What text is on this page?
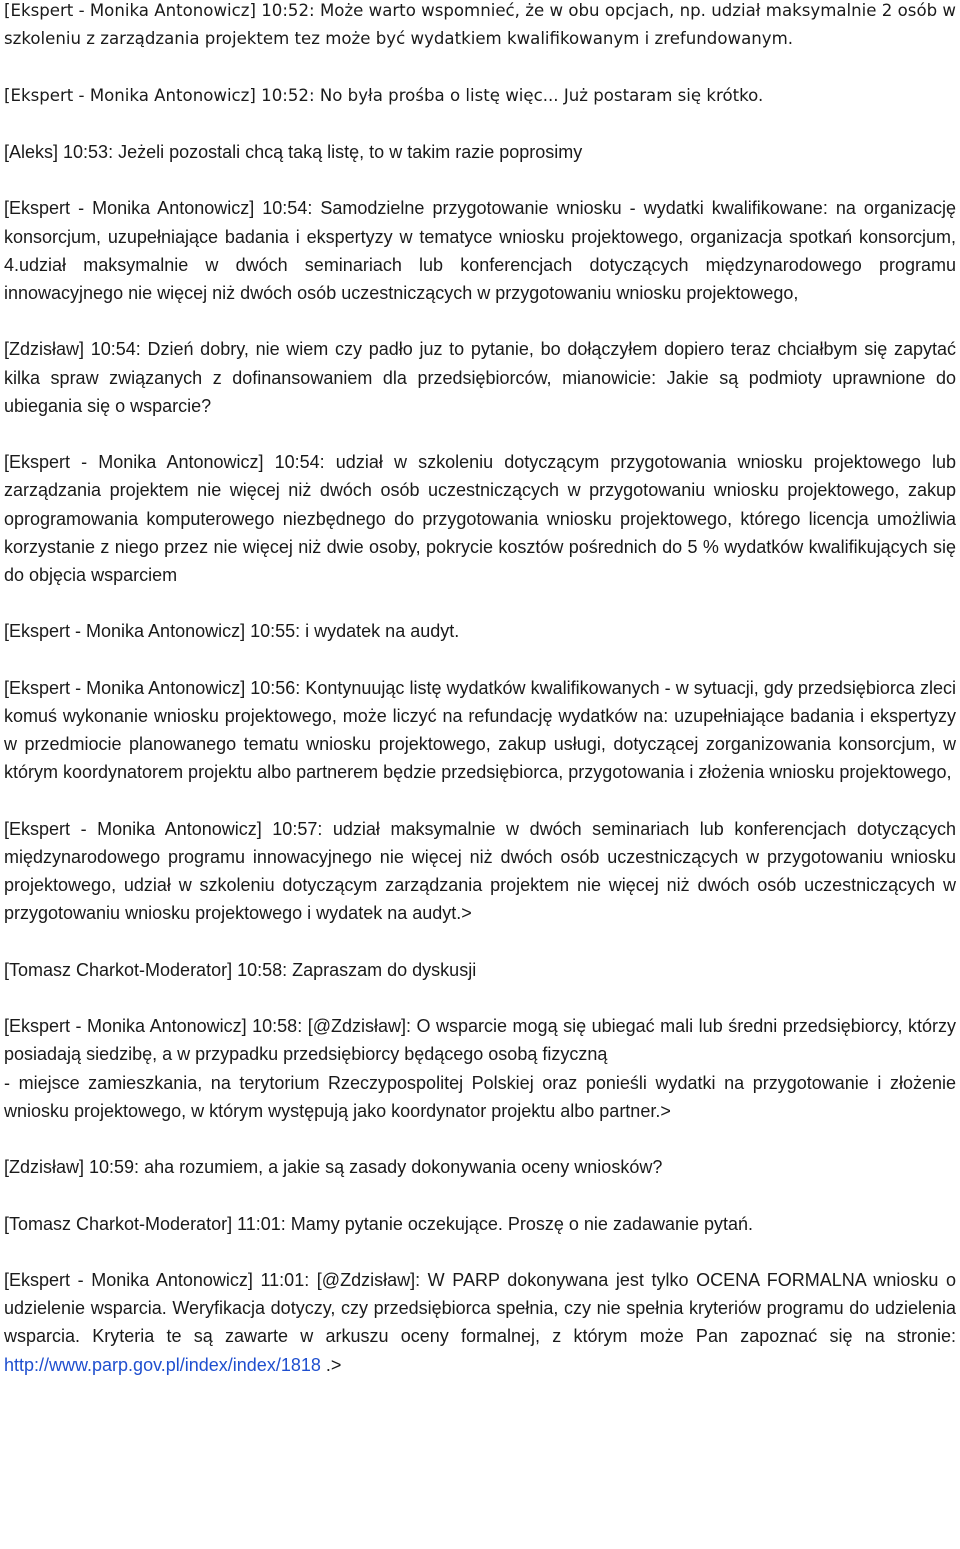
[Ekspert - Monika Antonowicz] 10:52: Może warto wspomnieć, że w obu opcjach, np. udział maksymalnie 2 osób w szkoleniu z zarządzania projektem tez może być wydatkiem kwalifikowanym i zrefundowanym.

[Ekspert - Monika Antonowicz] 10:52: No była prośba o listę więc... Już postaram się krótko.

[Aleks] 10:53: Jeżeli pozostali chcą taką listę, to w takim razie poprosimy

[Ekspert - Monika Antonowicz] 10:54: Samodzielne przygotowanie wniosku - wydatki kwalifikowane: na organizację konsorcjum, uzupełniające badania i ekspertyzy w tematyce wniosku projektowego, organizacja spotkań konsorcjum, 4.udział maksymalnie w dwóch seminariach lub konferencjach dotyczących międzynarodowego programu innowacyjnego nie więcej niż dwóch osób uczestniczących w przygotowaniu wniosku projektowego,

[Zdzisław] 10:54: Dzień dobry, nie wiem czy padło juz to pytanie, bo dołączyłem dopiero teraz chciałbym się zapytać kilka spraw związanych z dofinansowaniem dla przedsiębiorców, mianowicie: Jakie są podmioty uprawnione do ubiegania się o wsparcie?

[Ekspert - Monika Antonowicz] 10:54: udział w szkoleniu dotyczącym przygotowania wniosku projektowego lub zarządzania projektem nie więcej niż dwóch osób uczestniczących w przygotowaniu wniosku projektowego, zakup oprogramowania komputerowego niezbędnego do przygotowania wniosku projektowego, którego licencja umożliwia korzystanie z niego przez nie więcej niż dwie osoby, pokrycie kosztów pośrednich do 5 % wydatków kwalifikujących się do objęcia wsparciem

[Ekspert - Monika Antonowicz] 10:55: i wydatek na audyt.

[Ekspert - Monika Antonowicz] 10:56: Kontynuując listę wydatków kwalifikowanych - w sytuacji, gdy przedsiębiorca zleci komuś wykonanie wniosku projektowego, może liczyć na refundację wydatków na: uzupełniające badania i ekspertyzy w przedmiocie planowanego tematu wniosku projektowego, zakup usługi, dotyczącej zorganizowania konsorcjum, w którym koordynatorem projektu albo partnerem będzie przedsiębiorca, przygotowania i złożenia wniosku projektowego,

[Ekspert - Monika Antonowicz] 10:57: udział maksymalnie w dwóch seminariach lub konferencjach dotyczących międzynarodowego programu innowacyjnego nie więcej niż dwóch osób uczestniczących w przygotowaniu wniosku projektowego, udział w szkoleniu dotyczącym zarządzania projektem nie więcej niż dwóch osób uczestniczących w przygotowaniu wniosku projektowego i wydatek na audyt.>

[Tomasz Charkot-Moderator] 10:58: Zapraszam do dyskusji

[Ekspert - Monika Antonowicz] 10:58: [@Zdzisław]: O wsparcie mogą się ubiegać mali lub średni przedsiębiorcy, którzy posiadają siedzibę, a w przypadku przedsiębiorcy będącego osobą fizyczną

- miejsce zamieszkania, na terytorium Rzeczypospolitej Polskiej oraz ponieśli wydatki na przygotowanie i złożenie wniosku projektowego, w którym występują jako koordynator projektu albo partner.>

[Zdzisław] 10:59: aha rozumiem, a jakie są zasady dokonywania oceny wniosków?

[Tomasz Charkot-Moderator] 11:01: Mamy pytanie oczekujące. Proszę o nie zadawanie pytań.

[Ekspert - Monika Antonowicz] 11:01: [@Zdzisław]: W PARP dokonywana jest tylko OCENA FORMALNA wniosku o udzielenie wsparcia. Weryfikacja dotyczy, czy przedsiębiorca spełnia, czy nie spełnia kryteriów programu do udzielenia wsparcia. Kryteria te są zawarte w arkuszu oceny formalnej, z którym może Pan zapoznać się na stronie: http://www.parp.gov.pl/index/index/1818 .>
